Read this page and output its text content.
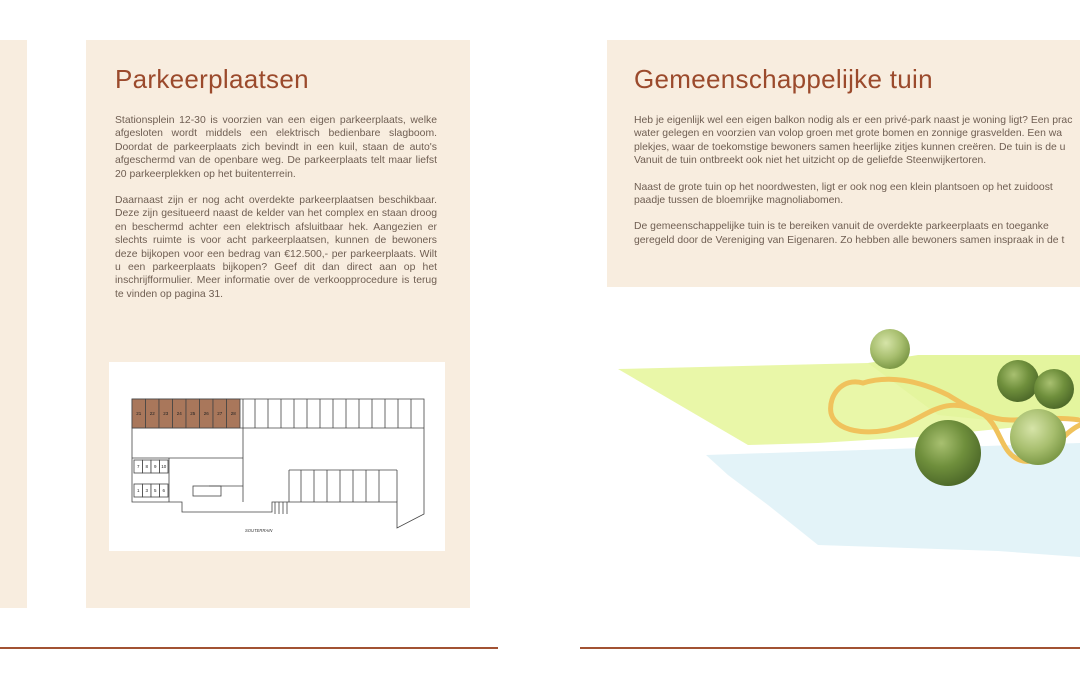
Parkeerplaatsen

Stationsplein 12-30 is voorzien van een eigen parkeerplaats, welke afgesloten wordt middels een elektrisch bedienbare slagboom. Doordat de parkeerplaats zich bevindt in een kuil, staan de auto's afgeschermd van de openbare weg. De parkeerplaats telt maar liefst 20 parkeerplekken op het buitenterrein.

Daarnaast zijn er nog acht overdekte parkeerplaatsen beschikbaar. Deze zijn gesitueerd naast de kelder van het complex en staan droog en beschermd achter een elektrisch afsluitbaar hek. Aangezien er slechts ruimte is voor acht parkeerplaatsen, kunnen de bewoners deze bijkopen voor een bedrag van €12.500,- per parkeerplaats. Wilt u een parkeerplaats bijkopen? Geef dit dan direct aan op het inschrijfformulier. Meer informatie over de verkoopprocedure is terug te vinden op pagina 31.

21 22 23 24 25 26 27 28
7 8 9 10
1 3 5 6
SOUTERRAIN
Gemeenschappelijke tuin

Heb je eigenlijk wel een eigen balkon nodig als er een privé-park naast je woning ligt? Een prac
water gelegen en voorzien van volop groen met grote bomen en zonnige grasvelden. Een wa
plekjes, waar de toekomstige bewoners samen heerlijke zitjes kunnen creëren. De tuin is de u
Vanuit de tuin ontbreekt ook niet het uitzicht op de geliefde Steenwijkertoren.

Naast de grote tuin op het noordwesten, ligt er ook nog een klein plantsoen op het zuidoost
paadje tussen de bloemrijke magnoliabomen.

De gemeenschappelijke tuin is te bereiken vanuit de overdekte parkeerplaats en toeganke
geregeld door de Vereniging van Eigenaren. Zo hebben alle bewoners samen inspraak in de t
